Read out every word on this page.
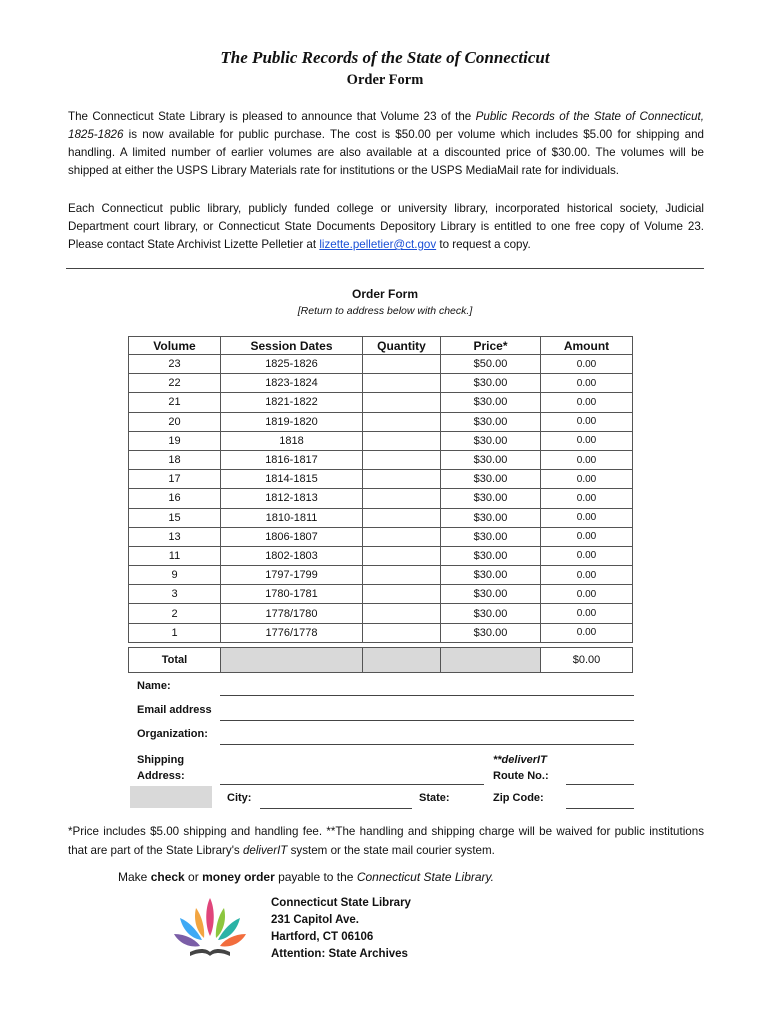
The Public Records of the State of Connecticut
Order Form
The Connecticut State Library is pleased to announce that Volume 23 of the Public Records of the State of Connecticut, 1825-1826 is now available for public purchase. The cost is $50.00 per volume which includes $5.00 for shipping and handling. A limited number of earlier volumes are also available at a discounted price of $30.00. The volumes will be shipped at either the USPS Library Materials rate for institutions or the USPS MediaMail rate for individuals.
Each Connecticut public library, publicly funded college or university library, incorporated historical society, Judicial Department court library, or Connecticut State Documents Depository Library is entitled to one free copy of Volume 23. Please contact State Archivist Lizette Pelletier at lizette.pelletier@ct.gov to request a copy.
Order Form
[Return to address below with check.]
Volume	Session Dates	Quantity	Price*	Amount
23	1825-1826		$50.00	0.00
22	1823-1824		$30.00	0.00
21	1821-1822		$30.00	0.00
20	1819-1820		$30.00	0.00
19	1818		$30.00	0.00
18	1816-1817		$30.00	0.00
17	1814-1815		$30.00	0.00
16	1812-1813		$30.00	0.00
15	1810-1811		$30.00	0.00
13	1806-1807		$30.00	0.00
11	1802-1803		$30.00	0.00
9	1797-1799		$30.00	0.00
3	1780-1781		$30.00	0.00
2	1778/1780		$30.00	0.00
1	1776/1778		$30.00	0.00

Total				$0.00
Name:
Email address
Organization:
Shipping
Address:
**deliverIT
Route No.:
City:	State:	Zip Code:
*Price includes $5.00 shipping and handling fee. **The handling and shipping charge will be waived for public institutions that are part of the State Library's deliverIT system or the state mail courier system.
Make check or money order payable to the Connecticut State Library.
Connecticut State Library
231 Capitol Ave.
Hartford, CT 06106
Attention: State Archives
